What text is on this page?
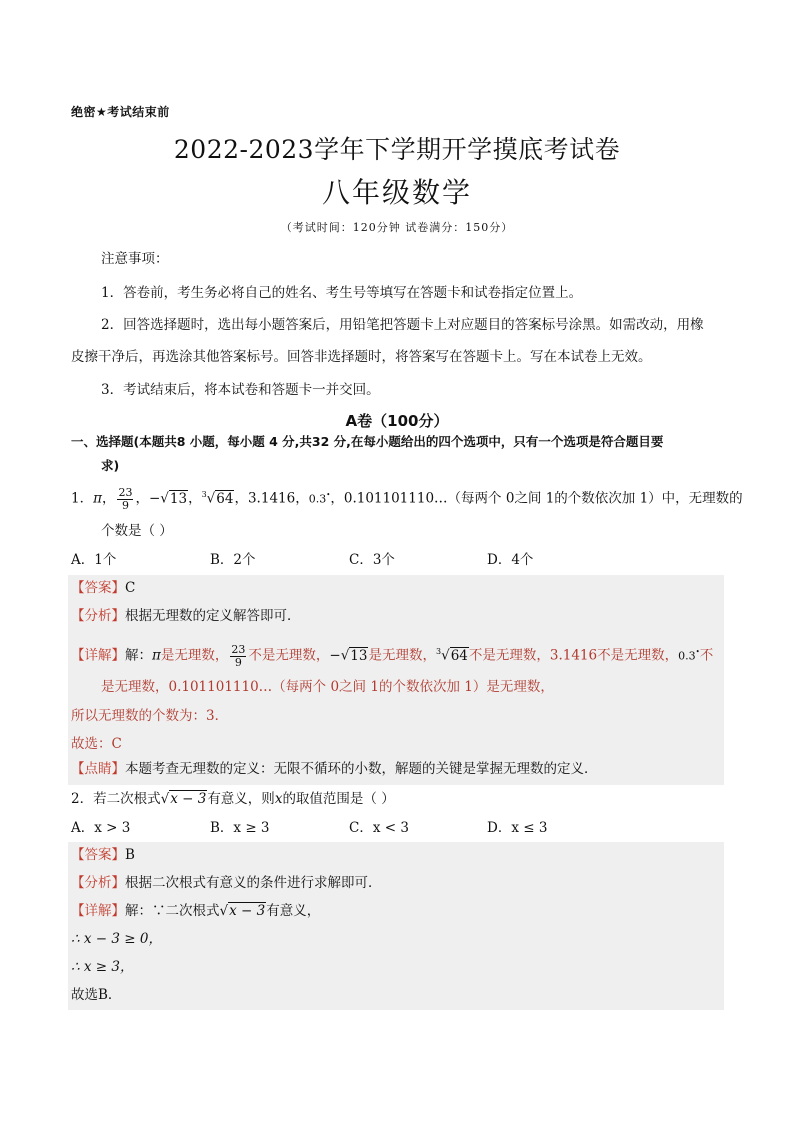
绝密★考试结束前
2022-2023学年下学期开学摸底考试卷
八年级数学
（考试时间：120分钟 试卷满分：150分）
注意事项：
1．答卷前，考生务必将自己的姓名、考生号等填写在答题卡和试卷指定位置上。
2．回答选择题时，选出每小题答案后，用铅笔把答题卡上对应题目的答案标号涂黑。如需改动，用橡
皮擦干净后，再选涂其他答案标号。回答非选择题时，将答案写在答题卡上。写在本试卷上无效。
3．考试结束后，将本试卷和答题卡一并交回。
A卷（100分）
一、选择题(本题共8 小题，每小题 4 分,共32 分,在每小题给出的四个选项中，只有一个选项是符合题目要
求)
1．π， $\frac{23}{9}$ ，−√13，$^3$√64，3.1416，0.3•，0.101101110…（每两个 0之间 1的个数依次加 1）中，无理数的
个数是（ ）
A．1个	B．2个	C．3个	D．4个
【答案】C
【分析】根据无理数的定义解答即可．
【详解】解：π是无理数， $\frac{23}{9}$ 不是无理数，−√13是无理数，$^3$√64不是无理数，3.1416不是无理数，0.3•不
是无理数，0.101101110…（每两个 0之间 1的个数依次加 1）是无理数，
所以无理数的个数为：3．
故选：C
【点睛】本题考查无理数的定义：无限不循环的小数，解题的关键是掌握无理数的定义．
2．若二次根式√x − 3有意义，则x的取值范围是（ ）
A．x > 3	B．x ≥ 3	C．x < 3	D．x ≤ 3
【答案】B
【分析】根据二次根式有意义的条件进行求解即可．
【详解】解：∵二次根式√x − 3有意义，
∴ x − 3 ≥ 0，
∴ x ≥ 3，
故选B．
